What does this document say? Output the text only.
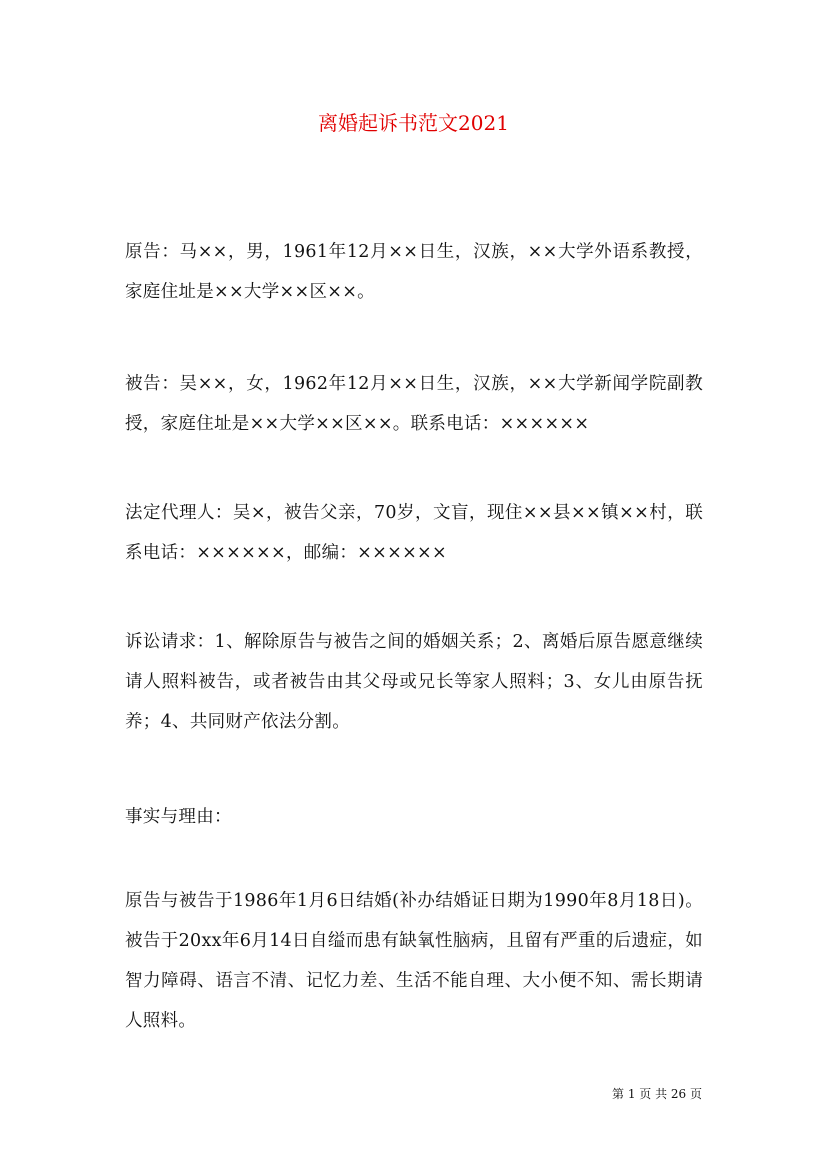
离婚起诉书范文2021

原告：马××，男，1961年12月××日生，汉族，××大学外语系教授，家庭住址是××大学××区××。

被告：吴××，女，1962年12月××日生，汉族，××大学新闻学院副教授，家庭住址是××大学××区××。联系电话：××××××

法定代理人：吴×，被告父亲，70岁，文盲，现住××县××镇××村，联系电话：××××××，邮编：××××××

诉讼请求：1、解除原告与被告之间的婚姻关系；2、离婚后原告愿意继续请人照料被告，或者被告由其父母或兄长等家人照料；3、女儿由原告抚养；4、共同财产依法分割。

事实与理由：

原告与被告于1986年1月6日结婚(补办结婚证日期为1990年8月18日)。被告于20xx年6月14日自缢而患有缺氧性脑病，且留有严重的后遗症，如智力障碍、语言不清、记忆力差、生活不能自理、大小便不知、需长期请人照料。

第 1 页 共 26 页
